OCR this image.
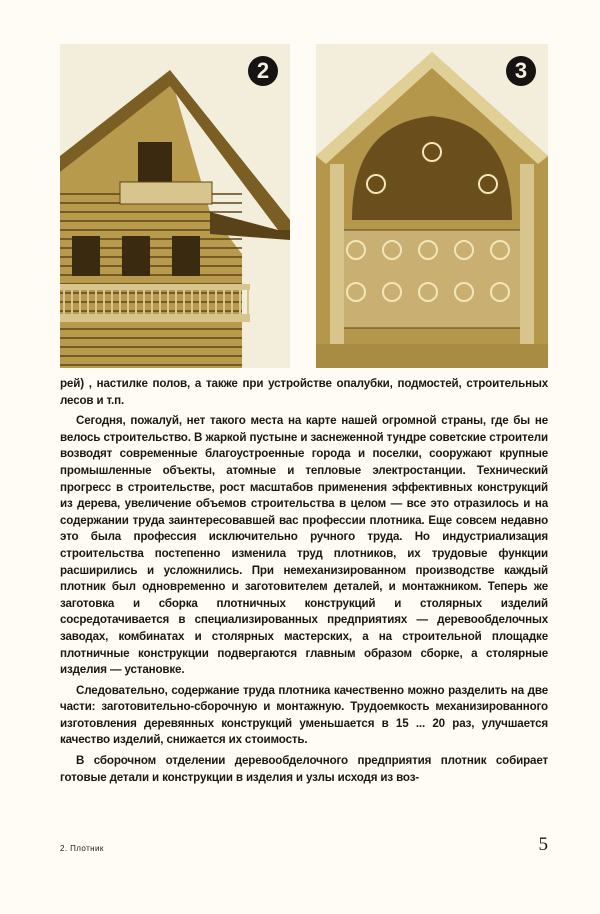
2	3

рей) , настилке полов, а также при устройстве опалубки, подмостей, строительных лесов и т.п.

Сегодня, пожалуй, нет такого места на карте нашей огромной страны, где бы не велось строительство. В жаркой пустыне и заснеженной тундре советские строители возводят современные благоустроенные города и поселки, сооружают крупные промышленные объекты, атомные и тепловые электростанции. Технический прогресс в строительстве, рост масштабов применения эффективных конструкций из дерева, увеличение объемов строительства в целом — все это отразилось и на содержании труда заинтересовавшей вас профессии плотника. Еще совсем недавно это была профессия исключительно ручного труда. Но индустриализация строительства постепенно изменила труд плотников, их трудовые функции расширились и усложнились. При немеханизированном производстве каждый плотник был одновременно и заготовителем деталей, и монтажником. Теперь же заготовка и сборка плотничных конструкций и столярных изделий сосредотачивается в специализированных предприятиях — деревообделочных заводах, комбинатах и столярных мастерских, а на строительной площадке плотничные конструкции подвергаются главным образом сборке, а столярные изделия — установке.

Следовательно, содержание труда плотника качественно можно разделить на две части: заготовительно-сборочную и монтажную. Трудоемкость механизированного изготовления деревянных конструкций уменьшается в 15 ... 20 раз, улучшается качество изделий, снижается их стоимость.

В сборочном отделении деревообделочного предприятия плотник собирает готовые детали и конструкции в изделия и узлы исходя из воз-

2. Плотник	5
